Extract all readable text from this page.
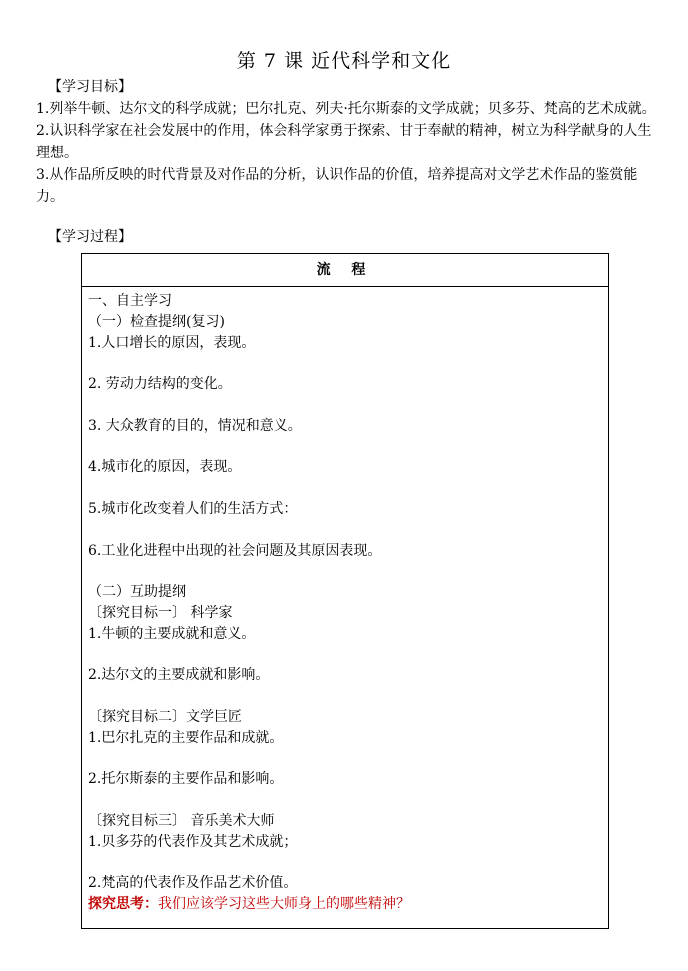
第 7 课 近代科学和文化
【学习目标】

1.列举牛顿、达尔文的科学成就；巴尔扎克、列夫·托尔斯泰的文学成就；贝多芬、梵高的艺术成就。

2.认识科学家在社会发展中的作用，体会科学家勇于探索、甘于奉献的精神，树立为科学献身的人生理想。

3.从作品所反映的时代背景及对作品的分析，认识作品的价值，培养提高对文学艺术作品的鉴赏能力。

【学习过程】
流 程
一、自主学习
（一）检查提纲(复习)
1.人口增长的原因，表现。
2. 劳动力结构的变化。
3. 大众教育的目的，情况和意义。
4.城市化的原因，表现。
5.城市化改变着人们的生活方式：
6.工业化进程中出现的社会问题及其原因表现。
（二）互助提纲
〔探究目标一〕 科学家
1.牛顿的主要成就和意义。
2.达尔文的主要成就和影响。
〔探究目标二〕文学巨匠
1.巴尔扎克的主要作品和成就。
2.托尔斯泰的主要作品和影响。
〔探究目标三〕 音乐美术大师
1.贝多芬的代表作及其艺术成就；
2.梵高的代表作及作品艺术价值。
探究思考：我们应该学习这些大师身上的哪些精神？
